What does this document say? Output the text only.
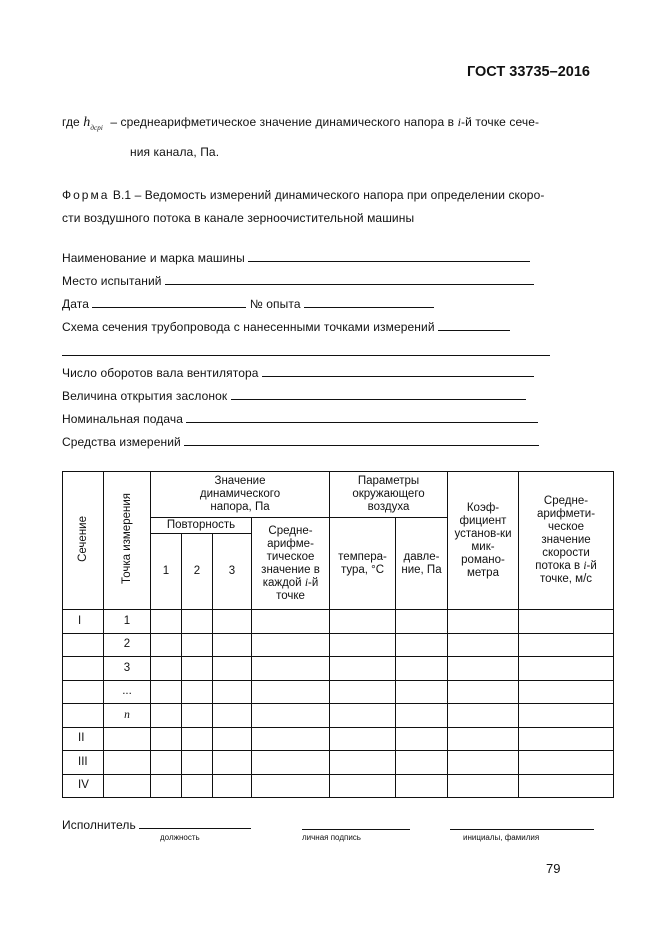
ГОСТ 33735–2016
где $h_{дcpi}$ – среднеарифметическое значение динамического напора в i-й точке сече-
ния канала, Па.
Форма В.1 – Ведомость измерений динамического напора при определении скоро-
сти воздушного потока в канале зерноочистительной машины
Наименование и марка машины
Место испытаний
Дата	№ опыта
Схема сечения трубопровода с нанесенными точками измерений
Число оборотов вала вентилятора
Величина открытия заслонок
Номинальная подача
Средства измерений
Сечение	Точка измерения	Значение динамического напора, Па				Параметры окружающего воздуха		Коэф-фициент установ-ки мик-романо-метра	Средне-арифмети-ческое значение скорости потока в i-й точке, м/с
		Повторность			Средне-арифме-тическое значение в каждой i-й точке	темпера-тура, °С	давле-ние, Па		
		1	2	3					
I	1								
	2								
	3								
	...								
	n								
II									
III									
IV									
Исполнитель
должность	личная подпись	инициалы, фамилия
79
